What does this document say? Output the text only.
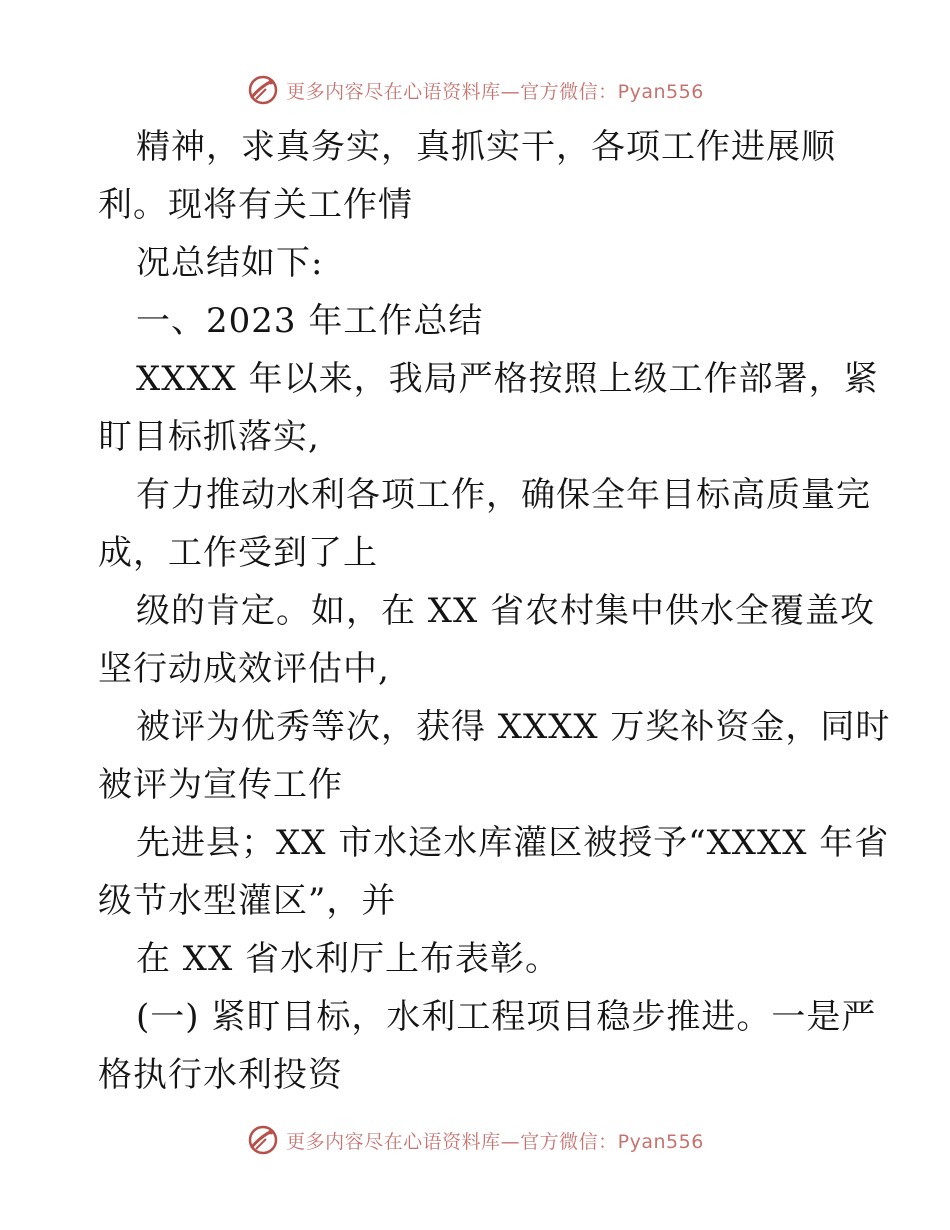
更多内容尽在心语资料库—官方微信：Pyan556
精神，求真务实，真抓实干，各项工作进展顺
利。现将有关工作情
况总结如下:
一、2023 年工作总结
XXXX 年以来，我局严格按照上级工作部署，紧
盯目标抓落实,
有力推动水利各项工作，确保全年目标高质量完
成，工作受到了上
级的肯定。如，在 XX 省农村集中供水全覆盖攻
坚行动成效评估中,
被评为优秀等次，获得 XXXX 万奖补资金，同时
被评为宣传工作
先进县；XX 市水迳水库灌区被授予“XXXX 年省
级节水型灌区”，并
在 XX 省水利厅上布表彰。
(一) 紧盯目标，水利工程项目稳步推进。一是严
格执行水利投资
更多内容尽在心语资料库—官方微信：Pyan556
